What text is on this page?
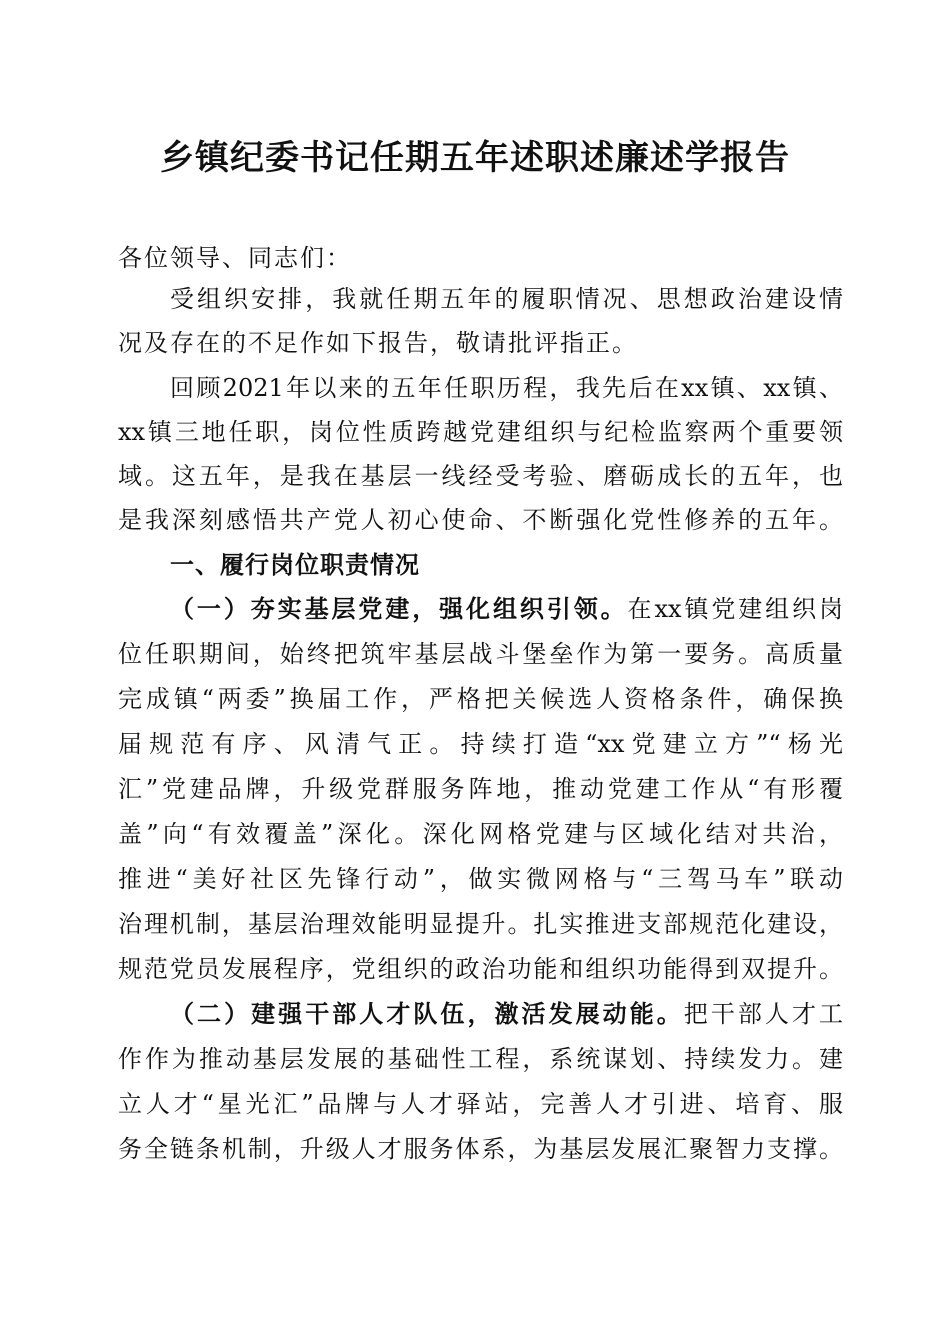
乡镇纪委书记任期五年述职述廉述学报告
各位领导、同志们：
受组织安排，我就任期五年的履职情况、思想政治建设情
况及存在的不足作如下报告，敬请批评指正。
回顾2021年以来的五年任职历程，我先后在xx镇、xx镇、
xx镇三地任职，岗位性质跨越党建组织与纪检监察两个重要领
域。这五年，是我在基层一线经受考验、磨砺成长的五年，也
是我深刻感悟共产党人初心使命、不断强化党性修养的五年。
一、履行岗位职责情况
（一）夯实基层党建，强化组织引领。在xx镇党建组织岗
位任职期间，始终把筑牢基层战斗堡垒作为第一要务。高质量
完成镇“两委”换届工作，严格把关候选人资格条件，确保换
届规范有序、风清气正。持续打造“xx党建立方”“杨光
汇”党建品牌，升级党群服务阵地，推动党建工作从“有形覆
盖”向“有效覆盖”深化。深化网格党建与区域化结对共治，
推进“美好社区先锋行动”，做实微网格与“三驾马车”联动
治理机制，基层治理效能明显提升。扎实推进支部规范化建设，
规范党员发展程序，党组织的政治功能和组织功能得到双提升。
（二）建强干部人才队伍，激活发展动能。把干部人才工
作作为推动基层发展的基础性工程，系统谋划、持续发力。建
立人才“星光汇”品牌与人才驿站，完善人才引进、培育、服
务全链条机制，升级人才服务体系，为基层发展汇聚智力支撑。
